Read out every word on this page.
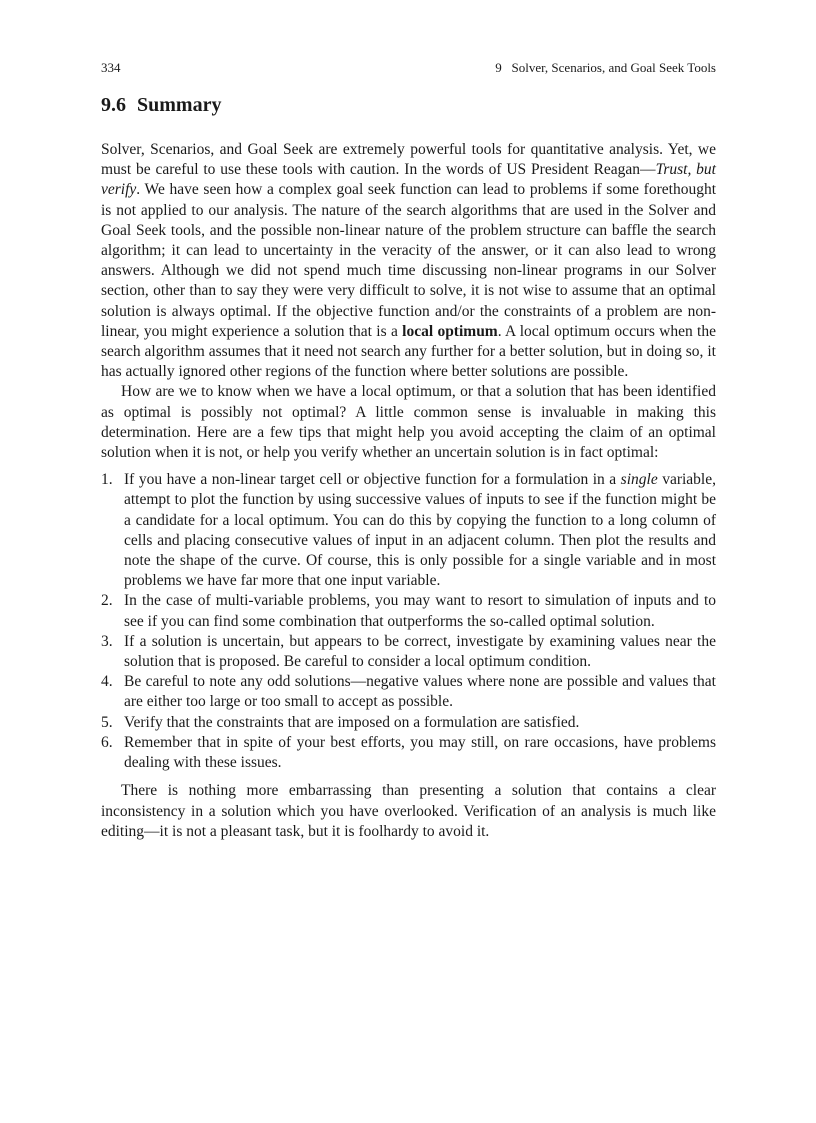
334	9   Solver, Scenarios, and Goal Seek Tools
9.6 Summary

Solver, Scenarios, and Goal Seek are extremely powerful tools for quantitative analysis. Yet, we must be careful to use these tools with caution. In the words of US President Reagan—Trust, but verify. We have seen how a complex goal seek function can lead to problems if some forethought is not applied to our analysis. The nature of the search algorithms that are used in the Solver and Goal Seek tools, and the possible non-linear nature of the problem structure can baffle the search algorithm; it can lead to uncertainty in the veracity of the answer, or it can also lead to wrong answers. Although we did not spend much time discussing non-linear programs in our Solver section, other than to say they were very difficult to solve, it is not wise to assume that an optimal solution is always optimal. If the objective function and/or the constraints of a problem are non-linear, you might experience a solution that is a local optimum. A local optimum occurs when the search algorithm assumes that it need not search any further for a better solution, but in doing so, it has actually ignored other regions of the function where better solutions are possible.

How are we to know when we have a local optimum, or that a solution that has been identified as optimal is possibly not optimal? A little common sense is invaluable in making this determination. Here are a few tips that might help you avoid accepting the claim of an optimal solution when it is not, or help you verify whether an uncertain solution is in fact optimal:

1. If you have a non-linear target cell or objective function for a formulation in a single variable, attempt to plot the function by using successive values of inputs to see if the function might be a candidate for a local optimum. You can do this by copying the function to a long column of cells and placing consecutive values of input in an adjacent column. Then plot the results and note the shape of the curve. Of course, this is only possible for a single variable and in most problems we have far more that one input variable.
2. In the case of multi-variable problems, you may want to resort to simulation of inputs and to see if you can find some combination that outperforms the so-called optimal solution.
3. If a solution is uncertain, but appears to be correct, investigate by examining values near the solution that is proposed. Be careful to consider a local optimum condition.
4. Be careful to note any odd solutions—negative values where none are possible and values that are either too large or too small to accept as possible.
5. Verify that the constraints that are imposed on a formulation are satisfied.
6. Remember that in spite of your best efforts, you may still, on rare occasions, have problems dealing with these issues.

There is nothing more embarrassing than presenting a solution that contains a clear inconsistency in a solution which you have overlooked. Verification of an analysis is much like editing—it is not a pleasant task, but it is foolhardy to avoid it.
